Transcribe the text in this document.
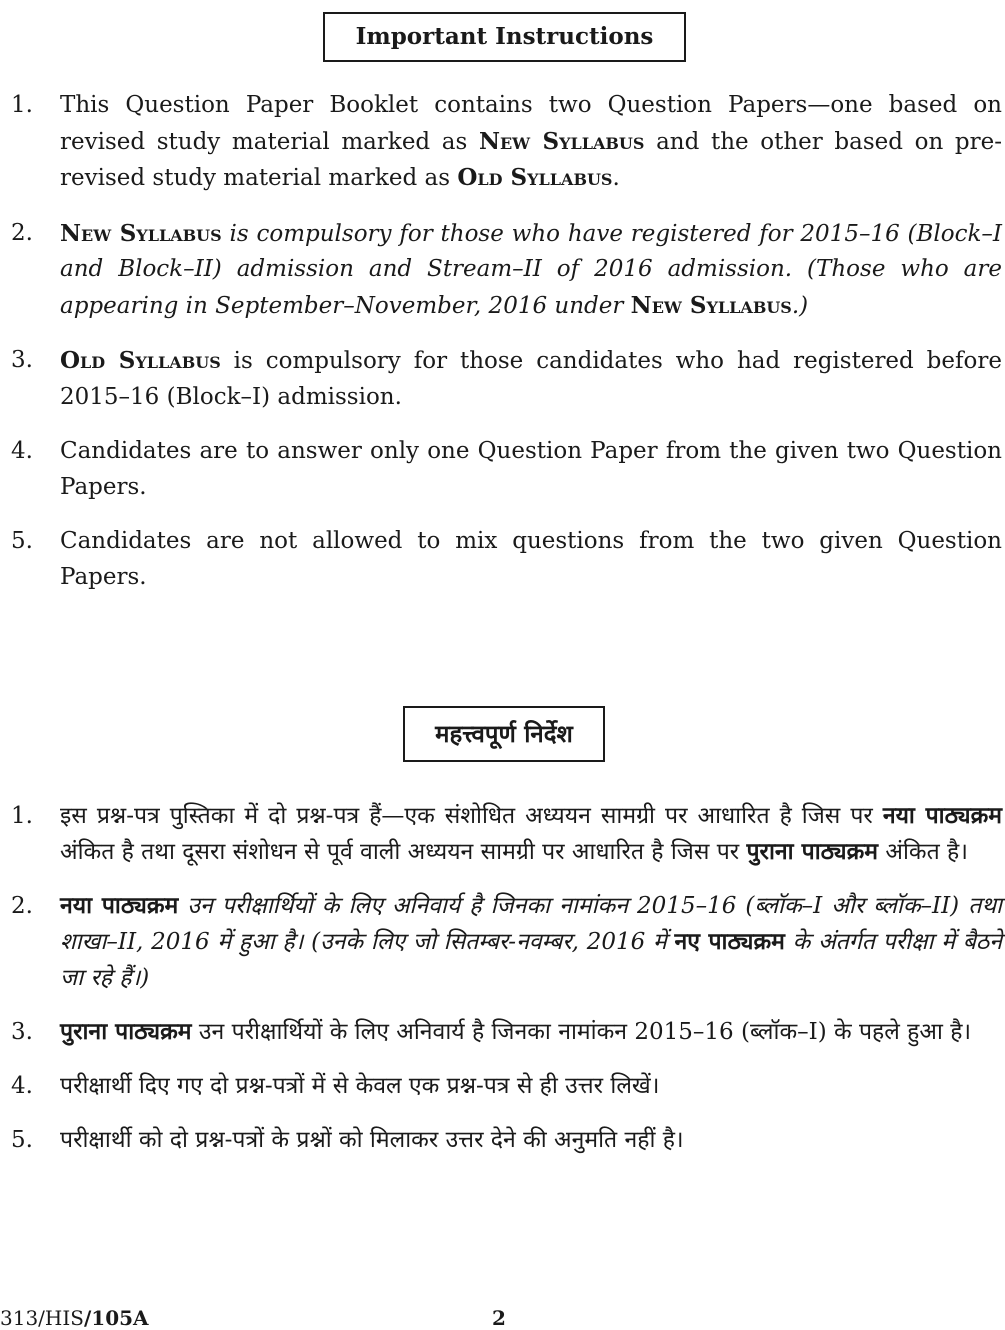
Important Instructions
1.	This Question Paper Booklet contains two Question Papers—one based on revised study material marked as New Syllabus and the other based on pre-revised study material marked as Old Syllabus.
2.	New Syllabus is compulsory for those who have registered for 2015–16 (Block–I and Block–II) admission and Stream–II of 2016 admission. (Those who are appearing in September–November, 2016 under New Syllabus.)
3.	Old Syllabus is compulsory for those candidates who had registered before 2015–16 (Block–I) admission.
4.	Candidates are to answer only one Question Paper from the given two Question Papers.
5.	Candidates are not allowed to mix questions from the two given Question Papers.
महत्त्वपूर्ण निर्देश
1.	इस प्रश्न-पत्र पुस्तिका में दो प्रश्न-पत्र हैं—एक संशोधित अध्ययन सामग्री पर आधारित है जिस पर नया पाठ्यक्रम अंकित है तथा दूसरा संशोधन से पूर्व वाली अध्ययन सामग्री पर आधारित है जिस पर पुराना पाठ्यक्रम अंकित है।
2.	नया पाठ्यक्रम उन परीक्षार्थियों के लिए अनिवार्य है जिनका नामांकन 2015–16 (ब्लॉक–I और ब्लॉक–II) तथा शाखा–II, 2016 में हुआ है। (उनके लिए जो सितम्बर-नवम्बर, 2016 में नए पाठ्यक्रम के अंतर्गत परीक्षा में बैठने जा रहे हैं।)
3.	पुराना पाठ्यक्रम उन परीक्षार्थियों के लिए अनिवार्य है जिनका नामांकन 2015–16 (ब्लॉक–I) के पहले हुआ है।
4.	परीक्षार्थी दिए गए दो प्रश्न-पत्रों में से केवल एक प्रश्न-पत्र से ही उत्तर लिखें।
5.	परीक्षार्थी को दो प्रश्न-पत्रों के प्रश्नों को मिलाकर उत्तर देने की अनुमति नहीं है।
313/HIS/105A	2
